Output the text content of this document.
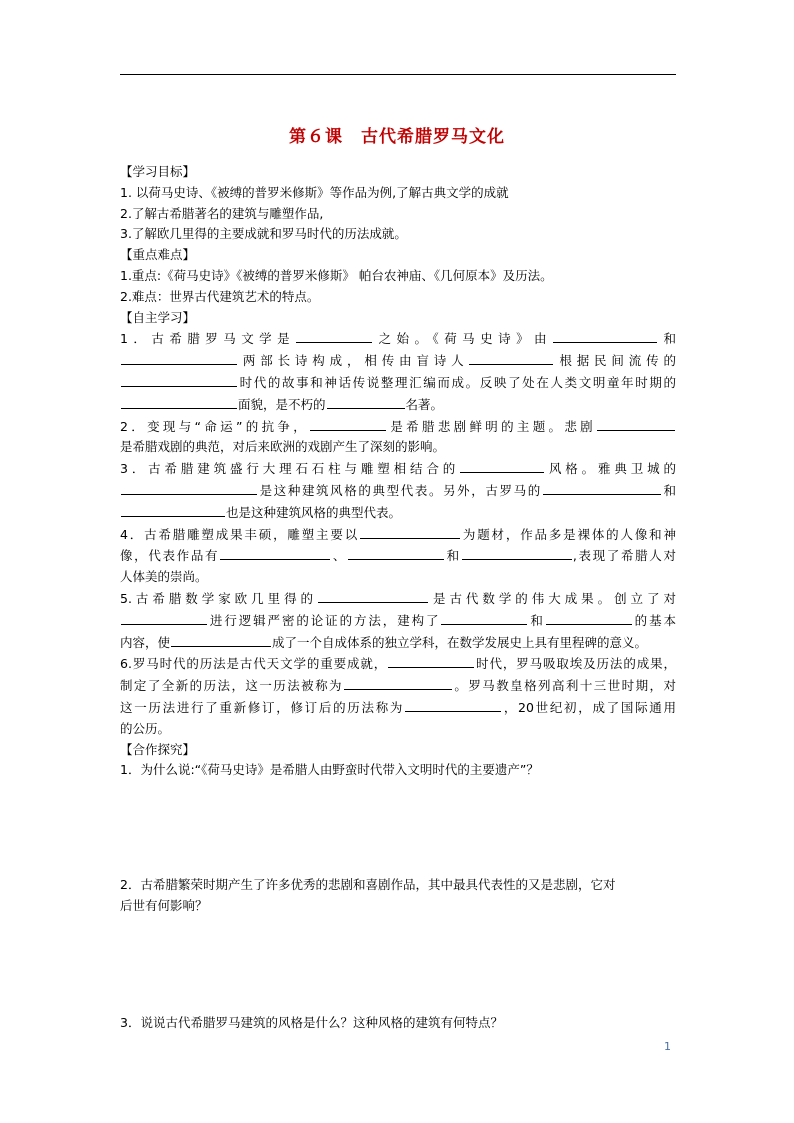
第６课　古代希腊罗马文化

【学习目标】

1. 以荷马史诗、《被缚的普罗米修斯》等作品为例,了解古典文学的成就

2.了解古希腊著名的建筑与雕塑作品,

3.了解欧几里得的主要成就和罗马时代的历法成就。

【重点难点】

1.重点:《荷马史诗》《被缚的普罗米修斯》 帕台农神庙、《几何原本》及历法。

2.难点：世界古代建筑艺术的特点。

【自主学习】

1．古希腊罗马文学是	之始。《荷马史诗》由	和

两部长诗构成，相传由盲诗人	根据民间流传的

时代的故事和神话传说整理汇编而成。反映了处在人类文明童年时期的

面貌，是不朽的	名著。

2．变现与“命运”的抗争，	是希腊悲剧鲜明的主题。悲剧

是希腊戏剧的典范，对后来欧洲的戏剧产生了深刻的影响。

3．古希腊建筑盛行大理石石柱与雕塑相结合的	风格。雅典卫城的

是这种建筑风格的典型代表。另外，古罗马的	和

也是这种建筑风格的典型代表。

4．古希腊雕塑成果丰硕，雕塑主要以	为题材，作品多是裸体的人像和神

像，代表作品有	、	和	,表现了希腊人对

人体美的崇尚。

5.古希腊数学家欧几里得的	是古代数学的伟大成果。创立了对

进行逻辑严密的论证的方法，建构了	和	的基本

内容，使	成了一个自成体系的独立学科，在数学发展史上具有里程碑的意义。

6.罗马时代的历法是古代天文学的重要成就，	时代，罗马吸取埃及历法的成果，

制定了全新的历法，这一历法被称为	。罗马教皇格列高利十三世时期，对

这一历法进行了重新修订，修订后的历法称为	，20世纪初，成了国际通用

的公历。

【合作探究】

1．为什么说:“《荷马史诗》是希腊人由野蛮时代带入文明时代的主要遗产”？

2．古希腊繁荣时期产生了许多优秀的悲剧和喜剧作品，其中最具代表性的又是悲剧，它对

后世有何影响？

3．说说古代希腊罗马建筑的风格是什么？这种风格的建筑有何特点？

1
